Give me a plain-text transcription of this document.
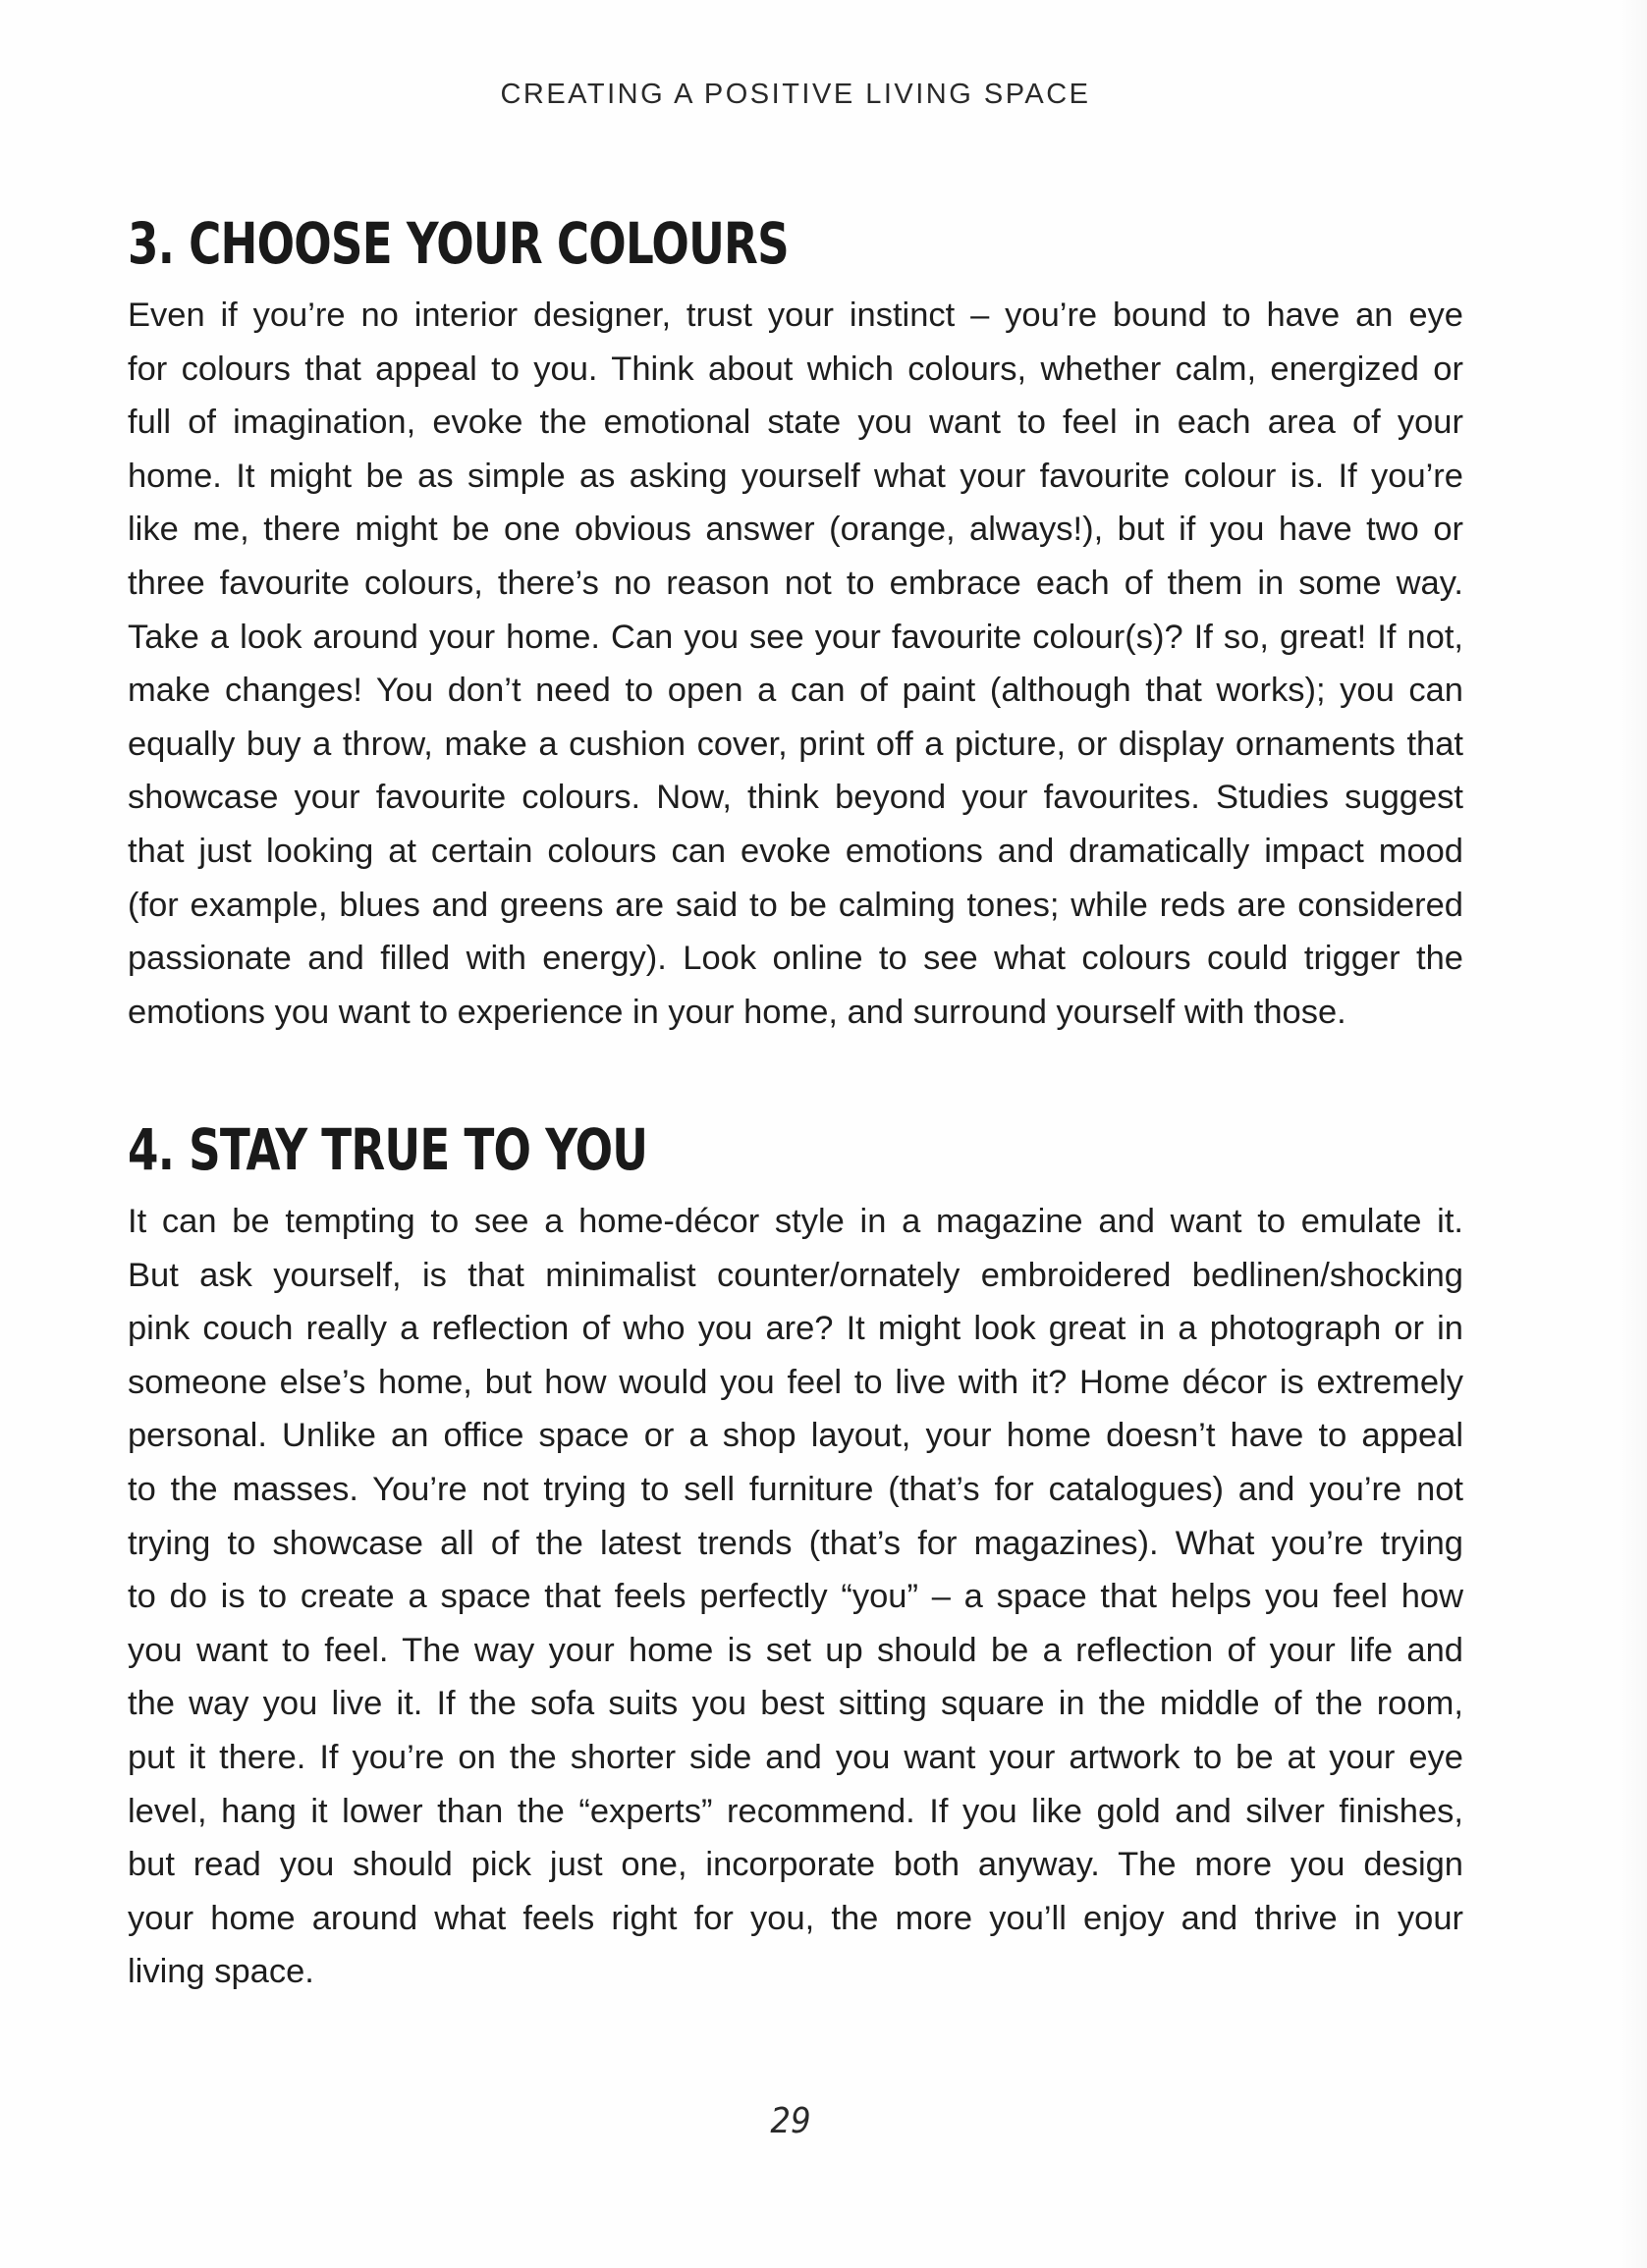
CREATING A POSITIVE LIVING SPACE
3. CHOOSE YOUR COLOURS
Even if you’re no interior designer, trust your instinct – you’re bound to have an eye
for colours that appeal to you. Think about which colours, whether calm, energized or
full of imagination, evoke the emotional state you want to feel in each area of your
home. It might be as simple as asking yourself what your favourite colour is. If you’re
like me, there might be one obvious answer (orange, always!), but if you have two or
three favourite colours, there’s no reason not to embrace each of them in some way.
Take a look around your home. Can you see your favourite colour(s)? If so, great! If not,
make changes! You don’t need to open a can of paint (although that works); you can
equally buy a throw, make a cushion cover, print off a picture, or display ornaments that
showcase your favourite colours. Now, think beyond your favourites. Studies suggest
that just looking at certain colours can evoke emotions and dramatically impact mood
(for example, blues and greens are said to be calming tones; while reds are considered
passionate and filled with energy). Look online to see what colours could trigger the
emotions you want to experience in your home, and surround yourself with those.
4. STAY TRUE TO YOU
It can be tempting to see a home-décor style in a magazine and want to emulate it.
But ask yourself, is that minimalist counter/ornately embroidered bedlinen/shocking
pink couch really a reflection of who you are? It might look great in a photograph or in
someone else’s home, but how would you feel to live with it? Home décor is extremely
personal. Unlike an office space or a shop layout, your home doesn’t have to appeal
to the masses. You’re not trying to sell furniture (that’s for catalogues) and you’re not
trying to showcase all of the latest trends (that’s for magazines). What you’re trying
to do is to create a space that feels perfectly “you” – a space that helps you feel how
you want to feel. The way your home is set up should be a reflection of your life and
the way you live it. If the sofa suits you best sitting square in the middle of the room,
put it there. If you’re on the shorter side and you want your artwork to be at your eye
level, hang it lower than the “experts” recommend. If you like gold and silver finishes,
but read you should pick just one, incorporate both anyway. The more you design
your home around what feels right for you, the more you’ll enjoy and thrive in your
living space.
29
